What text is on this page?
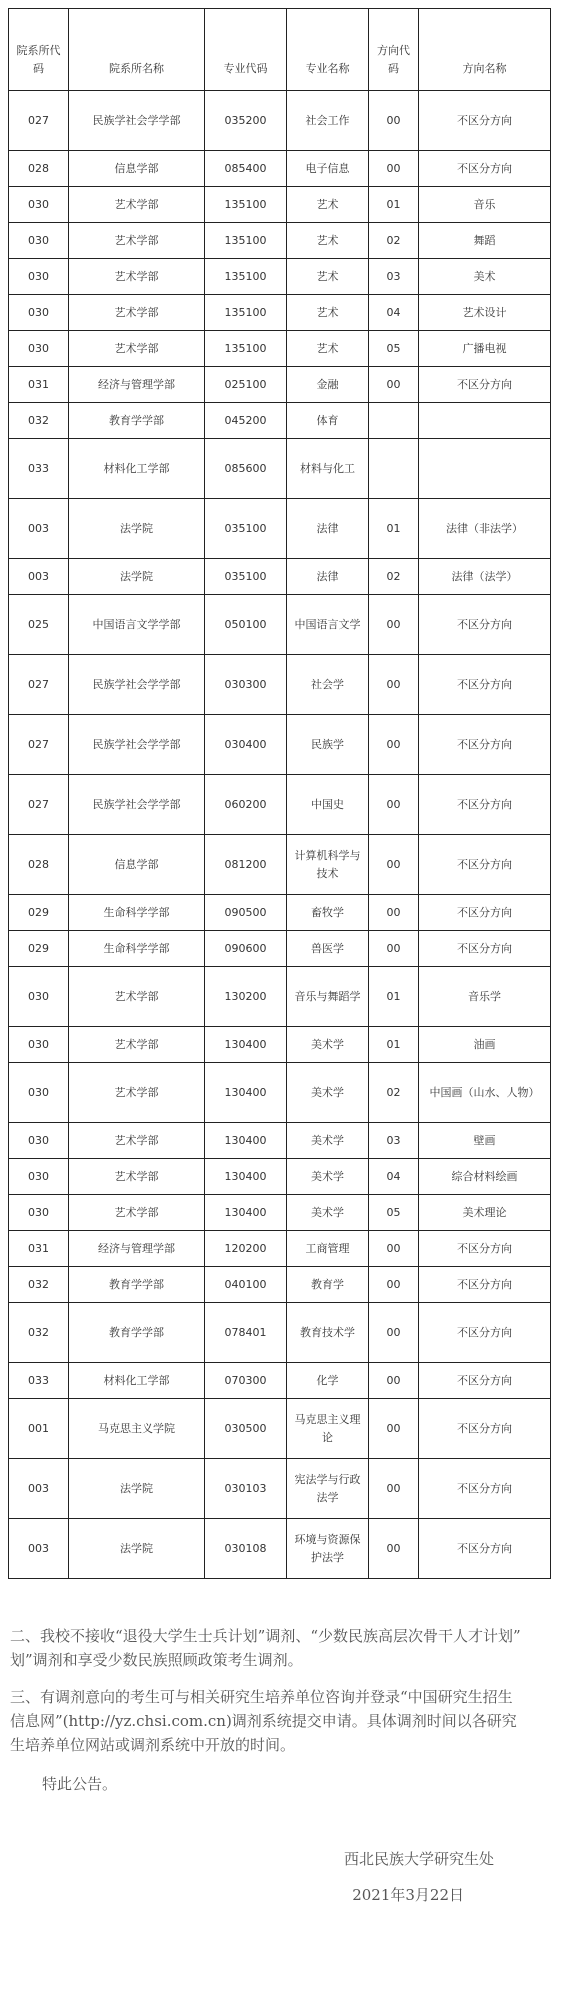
院系所代码	院系所名称	专业代码	专业名称	方向代码	方向名称
027	民族学社会学学部	035200	社会工作	00	不区分方向
028	信息学部	085400	电子信息	00	不区分方向
030	艺术学部	135100	艺术	01	音乐
030	艺术学部	135100	艺术	02	舞蹈
030	艺术学部	135100	艺术	03	美术
030	艺术学部	135100	艺术	04	艺术设计
030	艺术学部	135100	艺术	05	广播电视
031	经济与管理学部	025100	金融	00	不区分方向
032	教育学学部	045200	体育		
033	材料化工学部	085600	材料与化工		
003	法学院	035100	法律	01	法律（非法学）
003	法学院	035100	法律	02	法律（法学）
025	中国语言文学学部	050100	中国语言文学	00	不区分方向
027	民族学社会学学部	030300	社会学	00	不区分方向
027	民族学社会学学部	030400	民族学	00	不区分方向
027	民族学社会学学部	060200	中国史	00	不区分方向
028	信息学部	081200	计算机科学与技术	00	不区分方向
029	生命科学学部	090500	畜牧学	00	不区分方向
029	生命科学学部	090600	兽医学	00	不区分方向
030	艺术学部	130200	音乐与舞蹈学	01	音乐学
030	艺术学部	130400	美术学	01	油画
030	艺术学部	130400	美术学	02	中国画（山水、人物）
030	艺术学部	130400	美术学	03	壁画
030	艺术学部	130400	美术学	04	综合材料绘画
030	艺术学部	130400	美术学	05	美术理论
031	经济与管理学部	120200	工商管理	00	不区分方向
032	教育学学部	040100	教育学	00	不区分方向
032	教育学学部	078401	教育技术学	00	不区分方向
033	材料化工学部	070300	化学	00	不区分方向
001	马克思主义学院	030500	马克思主义理论	00	不区分方向
003	法学院	030103	宪法学与行政法学	00	不区分方向
003	法学院	030108	环境与资源保护法学	00	不区分方向

二、我校不接收“退役大学生士兵计划”调剂、“少数民族高层次骨干人才计划”

划”调剂和享受少数民族照顾政策考生调剂。

三、有调剂意向的考生可与相关研究生培养单位咨询并登录“中国研究生招生

信息网”(http://yz.chsi.com.cn)调剂系统提交申请。具体调剂时间以各研究

生培养单位网站或调剂系统中开放的时间。

特此公告。

西北民族大学研究生处
2021年3月22日
